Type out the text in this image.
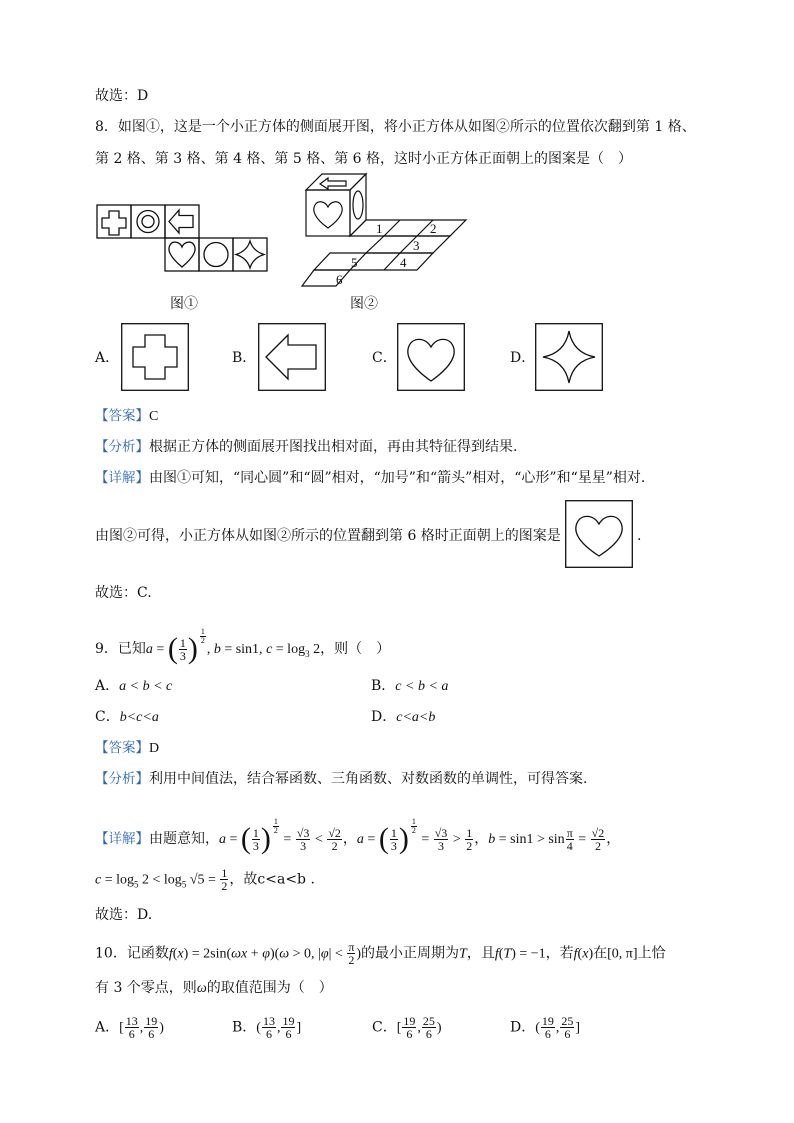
故选：D
8．如图①，这是一个小正方体的侧面展开图，将小正方体从如图②所示的位置依次翻到第 1 格、
第 2 格、第 3 格、第 4 格、第 5 格、第 6 格，这时小正方体正面朝上的图案是（　）
图①
1	2
3
4
5
6
图②
A．	B．	C．	D．
【答案】C
【分析】根据正方体的侧面展开图找出相对面，再由其特征得到结果.
【详解】由图①可知，“同心圆”和“圆”相对，“加号”和“箭头”相对，“心形”和“星星”相对.
由图②可得，小正方体从如图②所示的位置翻到第 6 格时正面朝上的图案是	.
故选：C.
9．已知a = ( $\frac{1}{3}$ ) $^{\frac{1}{2}}$
, b = sin1, $c = \log_3 2$，则（　）
A．a < b < c	B．c < b < a
C．b<c<a	D．c<a<b
【答案】D
【分析】利用中间值法，结合幂函数、三角函数、对数函数的单调性，可得答案.
【详解】由题意知，a = ( $\frac{1}{3}$ ) $^{\frac{1}{2}}$
= $\frac{√3}{3} < \frac{√2}{2}$ ，a = ( $\frac{1}{3}$ ) $^{\frac{1}{2}}$
= $\frac{√3}{3} > \frac{1}{2}$ ，$b = \sin 1 > \sin \frac{\pi}{4} = \frac{√2}{2}$ ，
$c = \log_5 2 < \log_5 √5 = \frac{1}{2}$ ，故c<a<b .
故选：D.
10．记函数f(x) = 2sin(ωx + φ)(ω > 0, $|\varphi| < \frac{\pi}{2}$ )的最小正周期为T，且f(T) = −1，若f(x)在[0, π]上恰
有 3 个零点，则ω的取值范围为（　）
A．[ $\frac{13}{6}$ , $\frac{19}{6}$ )	B．( $\frac{13}{6}$ , $\frac{19}{6}$ ]	C．[ $\frac{19}{6}$ , $\frac{25}{6}$ )	D．( $\frac{19}{6}$ , $\frac{25}{6}$ ]
